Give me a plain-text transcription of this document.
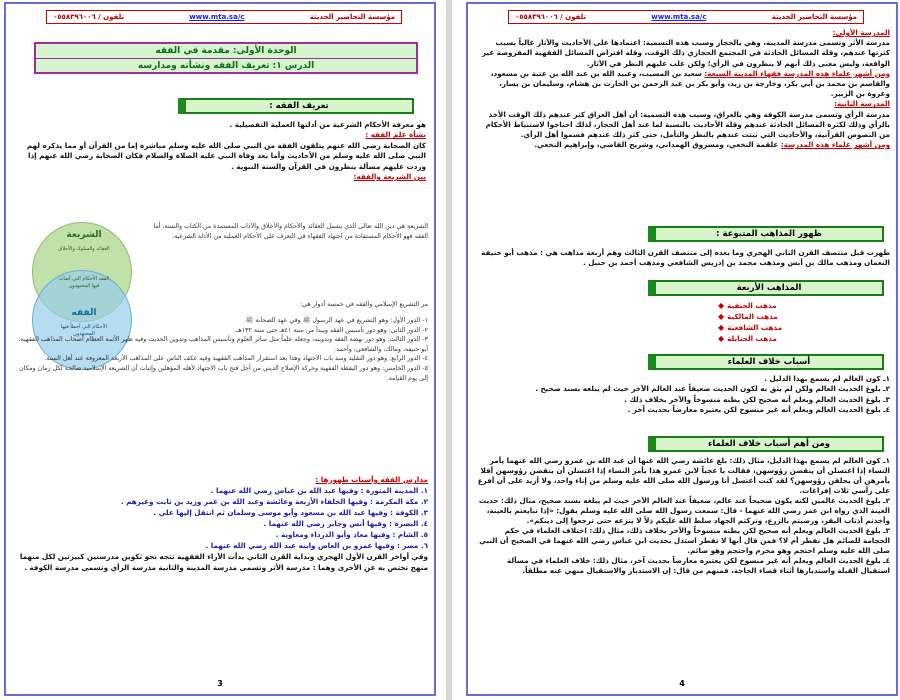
مؤسسة التحاضير الحديثة
www.mta.sa/c
تلفون / ٠٥٥٨٣٩٦٠٠٦
الوحدة الأولى: مقدمة في الفقه
الدرس ١: تعريف الفقه ونشأته ومدارسه
تعريف الفقه :
هو معرفة الأحكام الشرعية من أدلتها العملية التفصيلية .
نشأة علم الفقه :
كان الصحابة رضي الله عنهم يتلقون الفقه من النبي صلى الله عليه وسلم مباشرة إما من القرآن أو مما يذكره لهم النبي صلى الله عليه وسلم من الأحاديث وأما بعد وفاة النبي عليه الصلاة والسلام فكان الصحابة رضي الله عنهم إذا وردت عليهم مسألة ينظرون في القرآن والسنة النبوية .
بين الشريعة والفقه:
الشريعة
العقائد والسلوك والأخلاق
الفقه الأحكام التي أصاب فيها المجتهدون
الفقه
الأحكام التي أخطأ فيها المجتهدون
الشريعة هي دين الله تعالى الذي يشمل العقائد والأحكام والأخلاق والآداب المستمدة من الكتاب والسنة، أما الفقه فهو الأحكام المستفادة من اجتهاد الفقهاء في التعرف على الأحكام العملية من الأدلة الشرعية.
مر التشريع الإسلامي والفقه في خمسة أدوار هي:
١- الدور الأول: وهو التشريع في عهد الرسول ﷺ وفي عهد الصحابة ﷺ.
٢- الدور الثاني: وهو دور تأسيس الفقه ويبدأ من سنة ٤١هـ حتى سنة ١٣٢هـ.
٣- الدور الثالث: وهو دور نهضة الفقه وتدوينه، وجعله علماً مثل سائر العلوم وتأسيس المذاهب وتدوين الحديث وفيه ظهر الأئمة العظام أصحاب المذاهب الفقهية: أبو حنيفة، ومالك، والشافعي، وأحمد.
٤- الدور الرابع: وهو دور التقليد وسد باب الاجتهاد وهذا بعد استقرار المذاهب الفقهية وفيه عكف الناس على المذاهب الأربعة المعروفة عند أهل السنة.
٥- الدور الخامس: وهو دور اليقظة الفقهية وحركة الإصلاح الديني من أجل فتح باب الاجتهاد لأهله المؤهلين وإثبات أن الشريعة الإسلامية صالحة لكل زمان ومكان إلى يوم القيامة.
مدارس الفقه وأسباب ظهورها :
١. المدينة المنورة : وفيها عبد الله بن عباس رضي الله عنهما .
٢. مكة المكرمة : وفيها الخلفاء الأربعة وعائشة وعبد الله بن عمر وزيد بن ثابت وغيرهم .
٣. الكوفة : وفيها عبد الله بن مسعود وأبو موسى وسلمان ثم انتقل إليها علي .
٤. البصرة : وفيها أنس وجابر رضي الله عنهما .
٥. الشام : وفيها معاذ وأبو الدرداء ومعاوية .
٦. مصر : وفيها عمرو بن العاص وابنه عبد الله رضي الله عنهما .
وفي أواخر القرن الأول الهجري وبداية القرن الثاني بدأت الآراء الفقهية تتجه نحو تكوين مدرستين كبيرتين لكل منهما منهج تختص به عن الأخرى وهما : مدرسة الأثر وتسمى مدرسة المدينة والثانية مدرسة الرأي وتسمى مدرسة الكوفة .
3
مؤسسة التحاضير الحديثة
www.mta.sa/c
تلفون / ٠٥٥٨٣٩٦٠٠٦
المدرسة الأولى:
مدرسة الأثر وتسمى مدرسة المدينة، وهي بالحجاز وسبب هذه التسمية: اعتمادها على الأحاديث والآثار غالباً بسبب كثرتها عندهم، وقلة المسائل الحادثة في المجتمع الحجازي ذلك الوقت، وقلة افتراض المسائل الفقهية المفروضة غير الواقعة، وليس معنى ذلك أنهم لا ينظرون في الرأي؛ ولكن غلب عليهم النظر في الآثار.
ومن أشهر علماء هذه المدرسة فقهاء المدينة السبعة: سعيد بن المسيب، وعبيد الله بن عبد الله بن عتبة بن مسعود، والقاسم بن محمد بن أبي بكر، وخارجة بن زيد، وأبو بكر بن عبد الرحمن بن الحارث بن هشام، وسليمان بن يسار، وعروة بن الزبير.
المدرسة الثانية:
مدرسة الرأي وتسمى مدرسة الكوفة وهي بالعراق، وسبب هذه التسمية: أن أهل العراق كثر عندهم ذلك الوقت الأخذ بالرأي وذلك لكثرة المسائل الحادثة عندهم وقلة الأحاديث بالنسبة لما عند أهل الحجاز، لذلك احتاجوا لاستنباط الأحكام من النصوص القرآنية، والأحاديث التي ثبتت عندهم بالنظر والتأمل، حتى كثر ذلك عندهم فسموا أهل الرأي.
ومن أشهر علماء هذه المدرسة: علقمة النخعي، ومسروق الهمداني، وشريح القاضي، وإبراهيم النخعي.
ظهور المذاهب المتبوعة :
ظهرت قبل منتصف القرن الثاني الهجري وما بعده إلى منتصف القرن الثالث وهم أربعة مذاهب هي : مذهب أبو حنيفة النعمان ومذهب مالك بن أنس ومذهب محمد بن إدريس الشافعي ومذهب أحمد بن حنبل .
المذاهب الأربعة
◆ مذهب الحنفية
◆ مذهب المالكية
◆ مذهب الشافعية
◆ مذهب الحنابلة
أسباب خلاف العلماء
١ـ كون العالم لم يسمع بهذا الدليل .
٢ـ بلوغ الحديث العالم ولكن لم يثق به لكون الحديث ضعيفاً عند العالم الآخر حيث لم يبلغه بسند صحيح .
٣ـ بلوغ الحديث العالم ويعلم أنه صحيح لكن يظنه منسوخاً والآخر بخلاف ذلك .
٤ـ بلوغ الحديث العالم ويعلم أنه غير منسوخ لكن يعتبره معارضاً بحديث آخر .
ومن أهم أسباب خلاف العلماء
١ـ كون العالم لم يسمع بهذا الدليل، مثال ذلك: بلغ عائشة رضي الله عنها أن عبد الله بن عمرو رضي الله عنهما يأمر النساء إذا اغتسلن أن ينقضن رؤوسهن، فقالت يا عجباً لابن عمرو هذا يأمر النساء إذا اغتسلن أن ينقضن رؤوسهن أفلا يأمرهن أن يحلقن رؤوسهن؟ لقد كنت أغتسل أنا ورسول الله صلى الله عليه وسلم من إناء واحد، ولا أزيد على أن أفرغ على رأسي ثلاث إفراغات.
٢ـ بلوغ الحديث عالمين لكنه يكون صحيحاً عند عالم، ضعيفاً عند العالم الآخر حيث لم يبلغه بسند صحيح، مثال ذلك: حديث العينة الذي رواه ابن عمر رضي الله عنهما - قال: سمعت رسول الله صلى الله عليه وسلم يقول: «إذا تبايعتم بالعينة، وأخذتم أذناب البقر، ورضيتم بالزرع، وتركتم الجهاد سلط الله عليكم ذلاً لا ينزعه حتى ترجعوا إلى دينكم».
٣ـ بلوغ الحديث العالم ويعلم أنه صحيح لكن يظنه منسوخاً والآخر بخلاف ذلك، مثال ذلك: اختلاف العلماء في حكم الحجامة للصائم هل تفطر أم لا؟ فمن قال أنها لا تفطر استدل بحديث ابن عباس رضي الله عنهما في الصحيح أن النبي صلى الله عليه وسلم احتجم وهو محرم واحتجم وهو صائم.
٤ـ بلوغ الحديث العالم ويعلم أنه غير منسوخ لكن يعتبره معارضاً بحديث آخر، مثال ذلك: خلاف العلماء في مسألة استقبال القبلة واستدبارها أثناء قضاء الحاجة، فمنهم من قال: إن الاستدبار والاستقبال منهي عنه مطلقاً.
4
